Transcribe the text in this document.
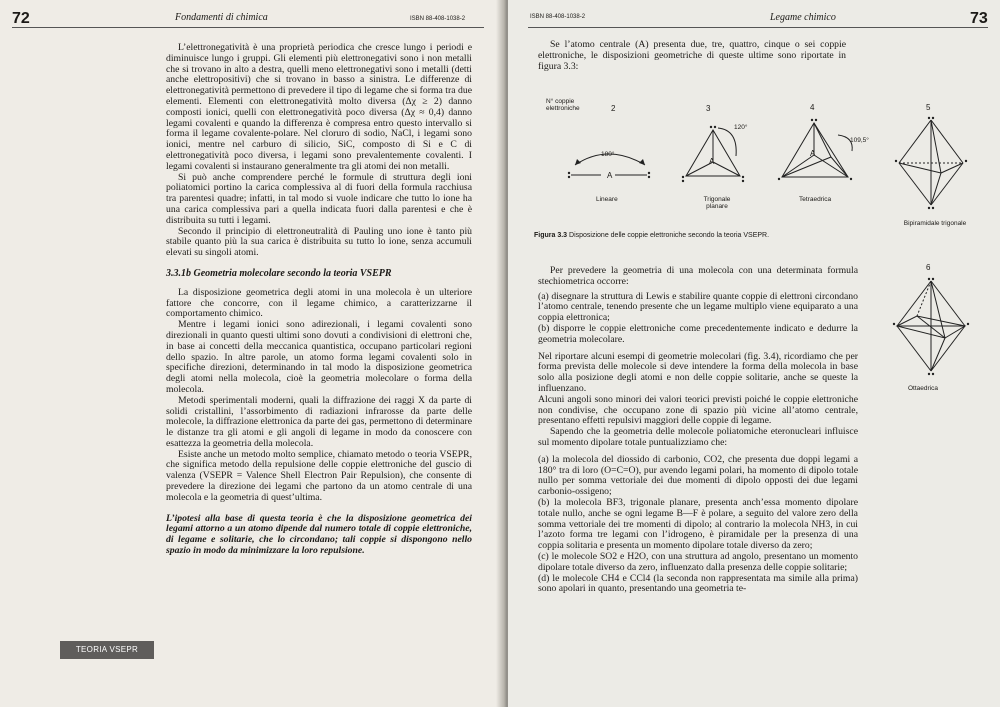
72	Fondamenti di chimica	ISBN 88-408-1038-2

L’elettronegatività è una proprietà periodica che cresce lungo i periodi e diminuisce lungo i gruppi. Gli elementi più elettronegativi sono i non metalli che si trovano in alto a destra, quelli meno elettronegativi sono i metalli (detti anche elettropositivi) che si trovano in basso a sinistra. Le differenze di elettronegatività permettono di prevedere il tipo di legame che si forma tra due elementi. Elementi con elettronegatività molto diversa (Δχ ≥ 2) danno composti ionici, quelli con elettronegatività poco diversa (Δχ ≈ 0,4) danno legami covalenti e quando la differenza è compresa entro questo intervallo si forma il legame covalente-polare. Nel cloruro di sodio, NaCl, i legami sono ionici, mentre nel carburo di silicio, SiC, composto di Si e C di elettronegatività poco diversa, i legami sono prevalentemente covalenti. I legami covalenti si instaurano generalmente tra gli atomi dei non metalli.

Si può anche comprendere perché le formule di struttura degli ioni poliatomici portino la carica complessiva al di fuori della formula racchiusa tra parentesi quadre; infatti, in tal modo si vuole indicare che tutto lo ione ha una carica complessiva pari a quella indicata fuori dalla parentesi e che è distribuita su tutti i legami.

Secondo il principio di elettroneutralità di Pauling uno ione è tanto più stabile quanto più la sua carica è distribuita su tutto lo ione, senza accumuli elevati su singoli atomi.

3.3.1b Geometria molecolare secondo la teoria VSEPR

La disposizione geometrica degli atomi in una molecola è un ulteriore fattore che concorre, con il legame chimico, a caratterizzarne il comportamento chimico.

Mentre i legami ionici sono adirezionali, i legami covalenti sono direzionali in quanto questi ultimi sono dovuti a condivisioni di elettroni che, in base ai concetti della meccanica quantistica, occupano particolari regioni dello spazio. In altre parole, un atomo forma legami covalenti solo in specifiche direzioni, determinando in tal modo la disposizione geometrica degli atomi nella molecola, cioè la geometria molecolare o forma della molecola.

Metodi sperimentali moderni, quali la diffrazione dei raggi X da parte di solidi cristallini, l’assorbimento di radiazioni infrarosse da parte delle molecole, la diffrazione elettronica da parte dei gas, permettono di determinare le distanze tra gli atomi e gli angoli di legame in modo da conoscere con esattezza la geometria della molecola.

Esiste anche un metodo molto semplice, chiamato metodo o teoria VSEPR, che significa metodo della repulsione delle coppie elettroniche del guscio di valenza (VSEPR = Valence Shell Electron Pair Repulsion), che consente di prevedere la direzione dei legami che partono da un atomo centrale di una molecola e la geometria di quest’ultima.

L’ipotesi alla base di questa teoria è che la disposizione geometrica dei legami attorno a un atomo dipende dal numero totale di coppie elettroniche, di legame e solitarie, che lo circondano; tali coppie si dispongono nello spazio in modo da minimizzare la loro repulsione.

TEORIA VSEPR
ISBN 88-408-1038-2	Legame chimico	73

Se l’atomo centrale (A) presenta due, tre, quattro, cinque o sei coppie elettroniche, le disposizioni geometriche di queste ultime sono riportate in figura 3.3:

N° coppie elettroniche	2	3	4	5
6
180°
A
Lineare
120°
A
Trigonale planare
109,5°
A
Tetraedrica
Bipiramidale trigonale
Ottaedrica
Figura 3.3 Disposizione delle coppie elettroniche secondo la teoria VSEPR.

Per prevedere la geometria di una molecola con una determinata formula stechiometrica occorre:

(a) disegnare la struttura di Lewis e stabilire quante coppie di elettroni circondano l’atomo centrale, tenendo presente che un legame multiplo viene equiparato a una coppia elettronica;

(b) disporre le coppie elettroniche come precedentemente indicato e dedurre la geometria molecolare.

Nel riportare alcuni esempi di geometrie molecolari (fig. 3.4), ricordiamo che per forma prevista delle molecole si deve intendere la forma della molecola in base solo alla posizione degli atomi e non delle coppie solitarie, anche se queste la influenzano.

Alcuni angoli sono minori dei valori teorici previsti poiché le coppie elettroniche non condivise, che occupano zone di spazio più vicine all’atomo centrale, presentano effetti repulsivi maggiori delle coppie di legame.

Sapendo che la geometria delle molecole poliatomiche eteronucleari influisce sul momento dipolare totale puntualizziamo che:

(a) la molecola del diossido di carbonio, CO2, che presenta due doppi legami a 180° tra di loro (O=C=O), pur avendo legami polari, ha momento di dipolo totale nullo per somma vettoriale dei due momenti di dipolo opposti dei due legami carbonio-ossigeno;

(b) la molecola BF3, trigonale planare, presenta anch’essa momento dipolare totale nullo, anche se ogni legame B—F è polare, a seguito del valore zero della somma vettoriale dei tre momenti di dipolo; al contrario la molecola NH3, in cui l’azoto forma tre legami con l’idrogeno, è piramidale per la presenza di una coppia solitaria e presenta un momento dipolare totale diverso da zero;

(c) le molecole SO2 e H2O, con una struttura ad angolo, presentano un momento dipolare totale diverso da zero, influenzato dalla presenza delle coppie solitarie;

(d) le molecole CH4 e CCl4 (la seconda non rappresentata ma simile alla prima) sono apolari in quanto, presentando una geometria te-
